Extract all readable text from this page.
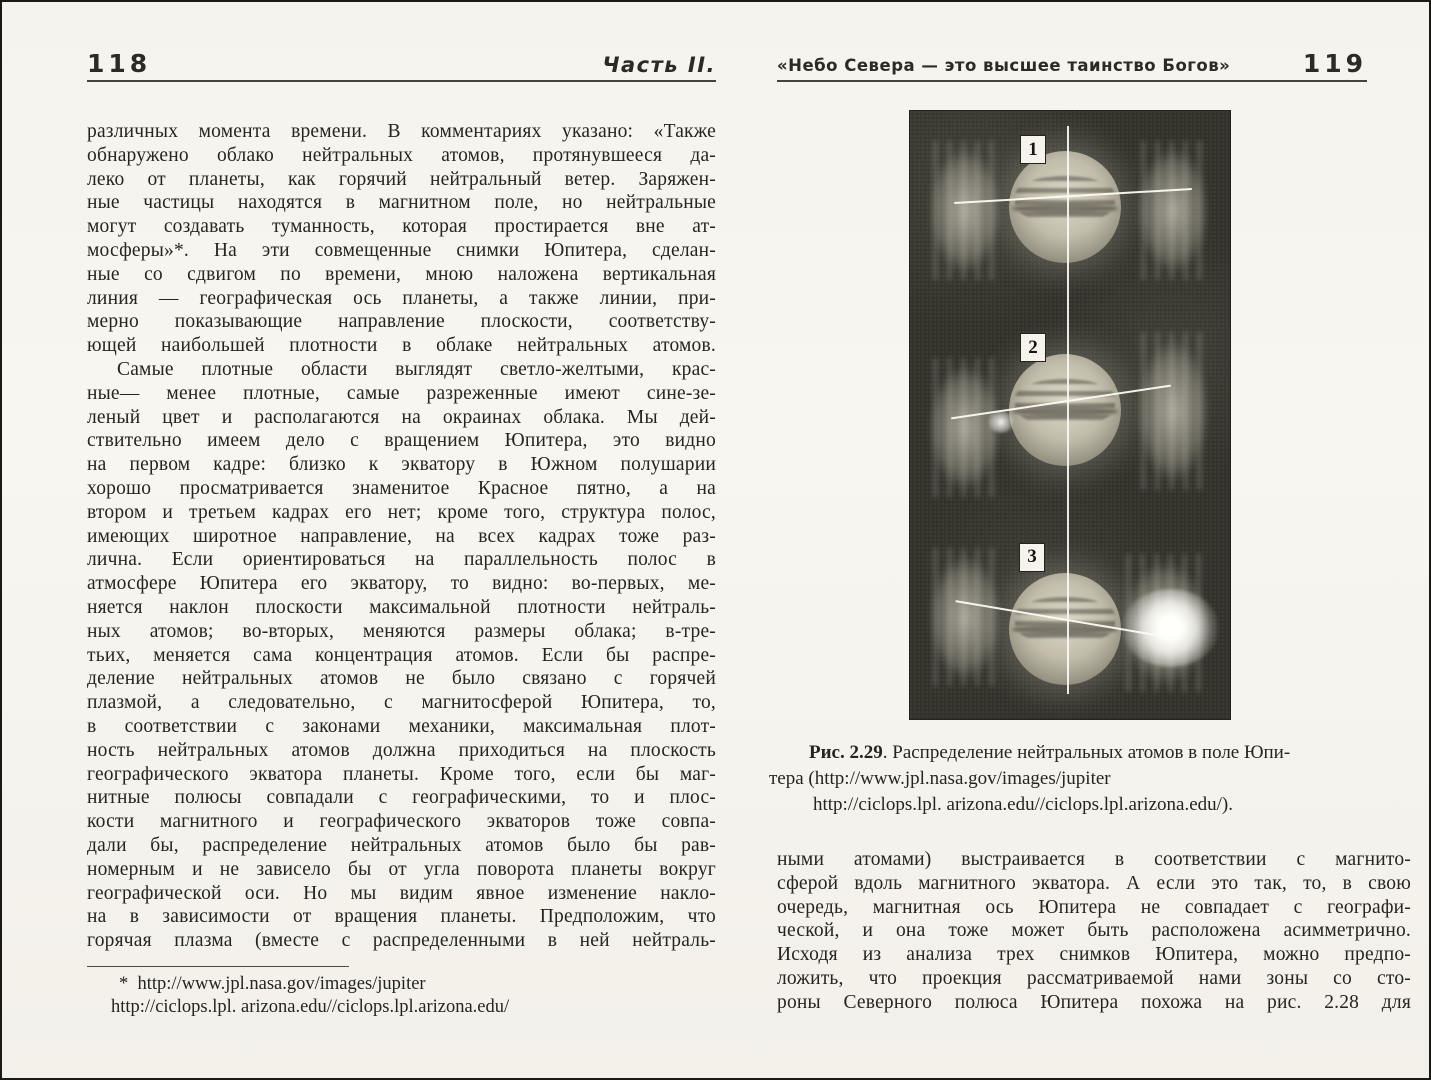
118	Часть II.
различных момента времени. В комментариях указано: «Также
обнаружено облако нейтральных атомов, протянувшееся да-
леко от планеты, как горячий нейтральный ветер. Заряжен-
ные частицы находятся в магнитном поле, но нейтральные
могут создавать туманность, которая простирается вне ат-
мосферы»*. На эти совмещенные снимки Юпитера, сделан-
ные со сдвигом по времени, мною наложена вертикальная
линия — географическая ось планеты, а также линии, при-
мерно показывающие направление плоскости, соответству-
ющей наибольшей плотности в облаке нейтральных атомов.
Самые плотные области выглядят светло-желтыми, крас-
ные— менее плотные, самые разреженные имеют сине-зе-
леный цвет и располагаются на окраинах облака. Мы дей-
ствительно имеем дело с вращением Юпитера, это видно
на первом кадре: близко к экватору в Южном полушарии
хорошо просматривается знаменитое Красное пятно, а на
втором и третьем кадрах его нет; кроме того, структура полос,
имеющих широтное направление, на всех кадрах тоже раз-
лична. Если ориентироваться на параллельность полос в
атмосфере Юпитера его экватору, то видно: во-первых, ме-
няется наклон плоскости максимальной плотности нейтраль-
ных атомов; во-вторых, меняются размеры облака; в-тре-
тьих, меняется сама концентрация атомов. Если бы распре-
деление нейтральных атомов не было связано с горячей
плазмой, а следовательно, с магнитосферой Юпитера, то,
в соответствии с законами механики, максимальная плот-
ность нейтральных атомов должна приходиться на плоскость
географического экватора планеты. Кроме того, если бы маг-
нитные полюсы совпадали с географическими, то и плос-
кости магнитного и географического экваторов тоже совпа-
дали бы, распределение нейтральных атомов было бы рав-
номерным и не зависело бы от угла поворота планеты вокруг
географической оси. Но мы видим явное изменение накло-
на в зависимости от вращения планеты. Предположим, что
горячая плазма (вместе с распределенными в ней нейтраль-
*  http://www.jpl.nasa.gov/images/jupiter
http://ciclops.lpl. arizona.edu//ciclops.lpl.arizona.edu/
«Небо Севера — это высшее таинство Богов»	119
1
2
3
Рис. 2.29. Распределение нейтральных атомов в поле Юпи-
тера (http://www.jpl.nasa.gov/images/jupiter
http://ciclops.lpl. arizona.edu//ciclops.lpl.arizona.edu/).
ными атомами) выстраивается в соответствии с магнито-
сферой вдоль магнитного экватора. А если это так, то, в свою
очередь, магнитная ось Юпитера не совпадает с географи-
ческой, и она тоже может быть расположена асимметрично.
Исходя из анализа трех снимков Юпитера, можно предпо-
ложить, что проекция рассматриваемой нами зоны со сто-
роны Северного полюса Юпитера похожа на рис. 2.28 для
